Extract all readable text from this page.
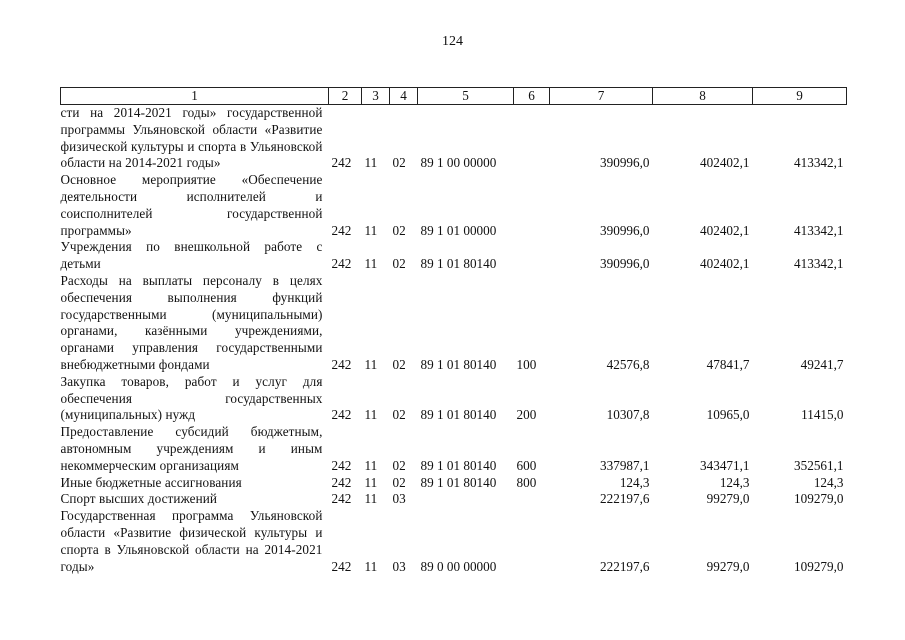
124
1	2	3	4	5	6	7	8	9
сти на 2014-2021 годы» государственной программы Ульяновской области «Развитие физической культуры и спорта в Ульяновской области на 2014-2021 годы»	242	11	02	89 1 00 00000		390996,0	402402,1	413342,1
Основное мероприятие «Обеспечение деятельности исполнителей и соисполнителей государственной программы»	242	11	02	89 1 01 00000		390996,0	402402,1	413342,1
Учреждения по внешкольной работе с детьми	242	11	02	89 1 01 80140		390996,0	402402,1	413342,1
Расходы на выплаты персоналу в целях обеспечения выполнения функций государственными (муниципальными) органами, казёнными учреждениями, органами управления государственными внебюджетными фондами	242	11	02	89 1 01 80140	100	42576,8	47841,7	49241,7
Закупка товаров, работ и услуг для обеспечения государственных (муниципальных) нужд	242	11	02	89 1 01 80140	200	10307,8	10965,0	11415,0
Предоставление субсидий бюджетным, автономным учреждениям и иным некоммерческим организациям	242	11	02	89 1 01 80140	600	337987,1	343471,1	352561,1
Иные бюджетные ассигнования	242	11	02	89 1 01 80140	800	124,3	124,3	124,3
Спорт высших достижений	242	11	03			222197,6	99279,0	109279,0
Государственная программа Ульяновской области «Развитие физической культуры и спорта в Ульяновской области на 2014-2021 годы»	242	11	03	89 0 00 00000		222197,6	99279,0	109279,0
